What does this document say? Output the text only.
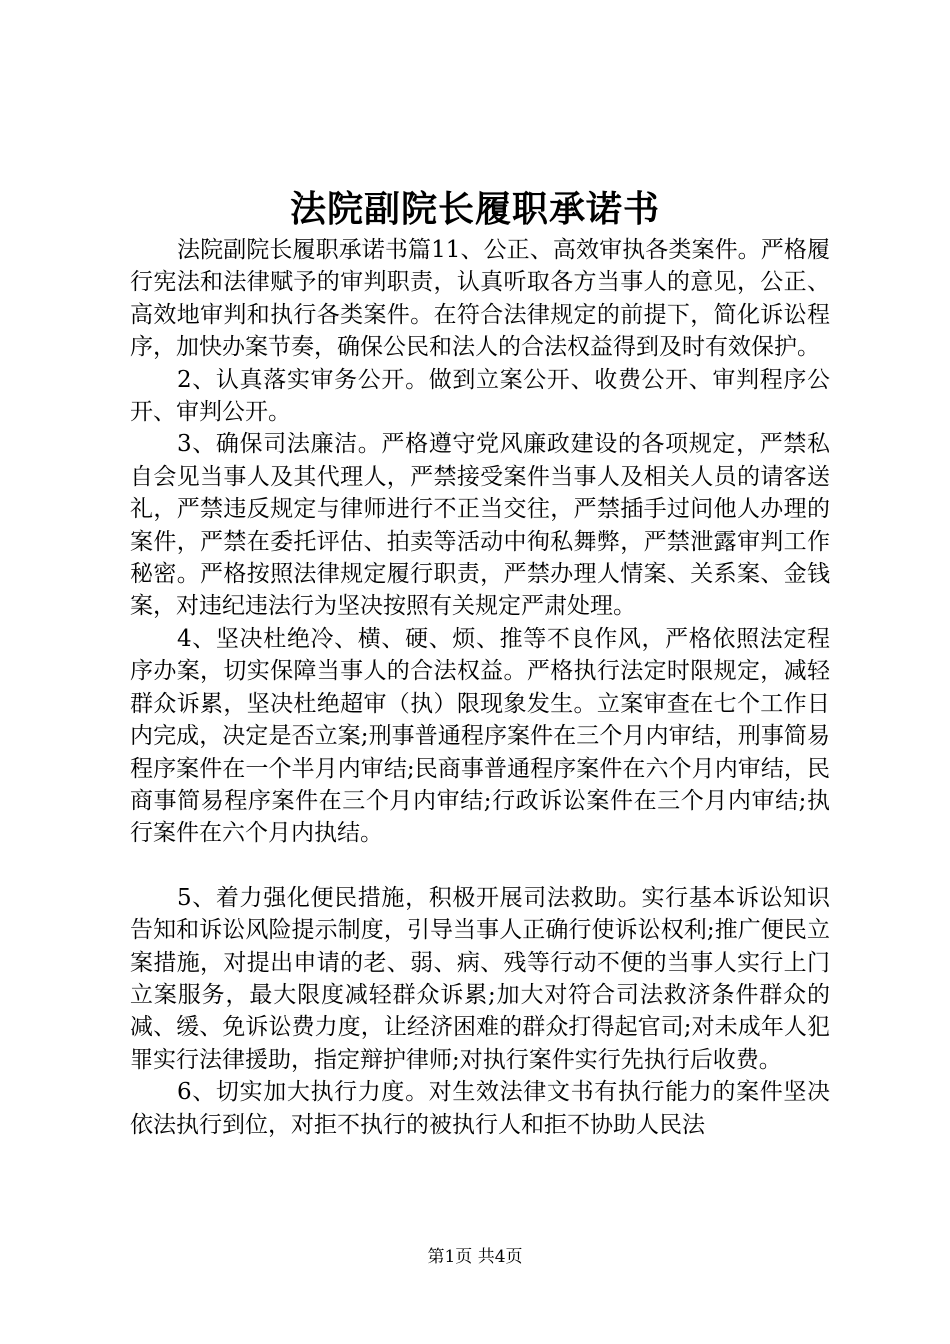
法院副院长履职承诺书

法院副院长履职承诺书篇11、公正、高效审执各类案件。严格履行宪法和法律赋予的审判职责，认真听取各方当事人的意见，公正、高效地审判和执行各类案件。在符合法律规定的前提下，简化诉讼程序，加快办案节奏，确保公民和法人的合法权益得到及时有效保护。

2、认真落实审务公开。做到立案公开、收费公开、审判程序公开、审判公开。

3、确保司法廉洁。严格遵守党风廉政建设的各项规定，严禁私自会见当事人及其代理人，严禁接受案件当事人及相关人员的请客送礼，严禁违反规定与律师进行不正当交往，严禁插手过问他人办理的案件，严禁在委托评估、拍卖等活动中徇私舞弊，严禁泄露审判工作秘密。严格按照法律规定履行职责，严禁办理人情案、关系案、金钱案，对违纪违法行为坚决按照有关规定严肃处理。

4、坚决杜绝冷、横、硬、烦、推等不良作风，严格依照法定程序办案，切实保障当事人的合法权益。严格执行法定时限规定，减轻群众诉累，坚决杜绝超审（执）限现象发生。立案审查在七个工作日内完成，决定是否立案;刑事普通程序案件在三个月内审结，刑事简易程序案件在一个半月内审结;民商事普通程序案件在六个月内审结，民商事简易程序案件在三个月内审结;行政诉讼案件在三个月内审结;执行案件在六个月内执结。

5、着力强化便民措施，积极开展司法救助。实行基本诉讼知识告知和诉讼风险提示制度，引导当事人正确行使诉讼权利;推广便民立案措施，对提出申请的老、弱、病、残等行动不便的当事人实行上门立案服务，最大限度减轻群众诉累;加大对符合司法救济条件群众的减、缓、免诉讼费力度，让经济困难的群众打得起官司;对未成年人犯罪实行法律援助，指定辩护律师;对执行案件实行先执行后收费。

6、切实加大执行力度。对生效法律文书有执行能力的案件坚决依法执行到位，对拒不执行的被执行人和拒不协助人民法

第1页 共4页
